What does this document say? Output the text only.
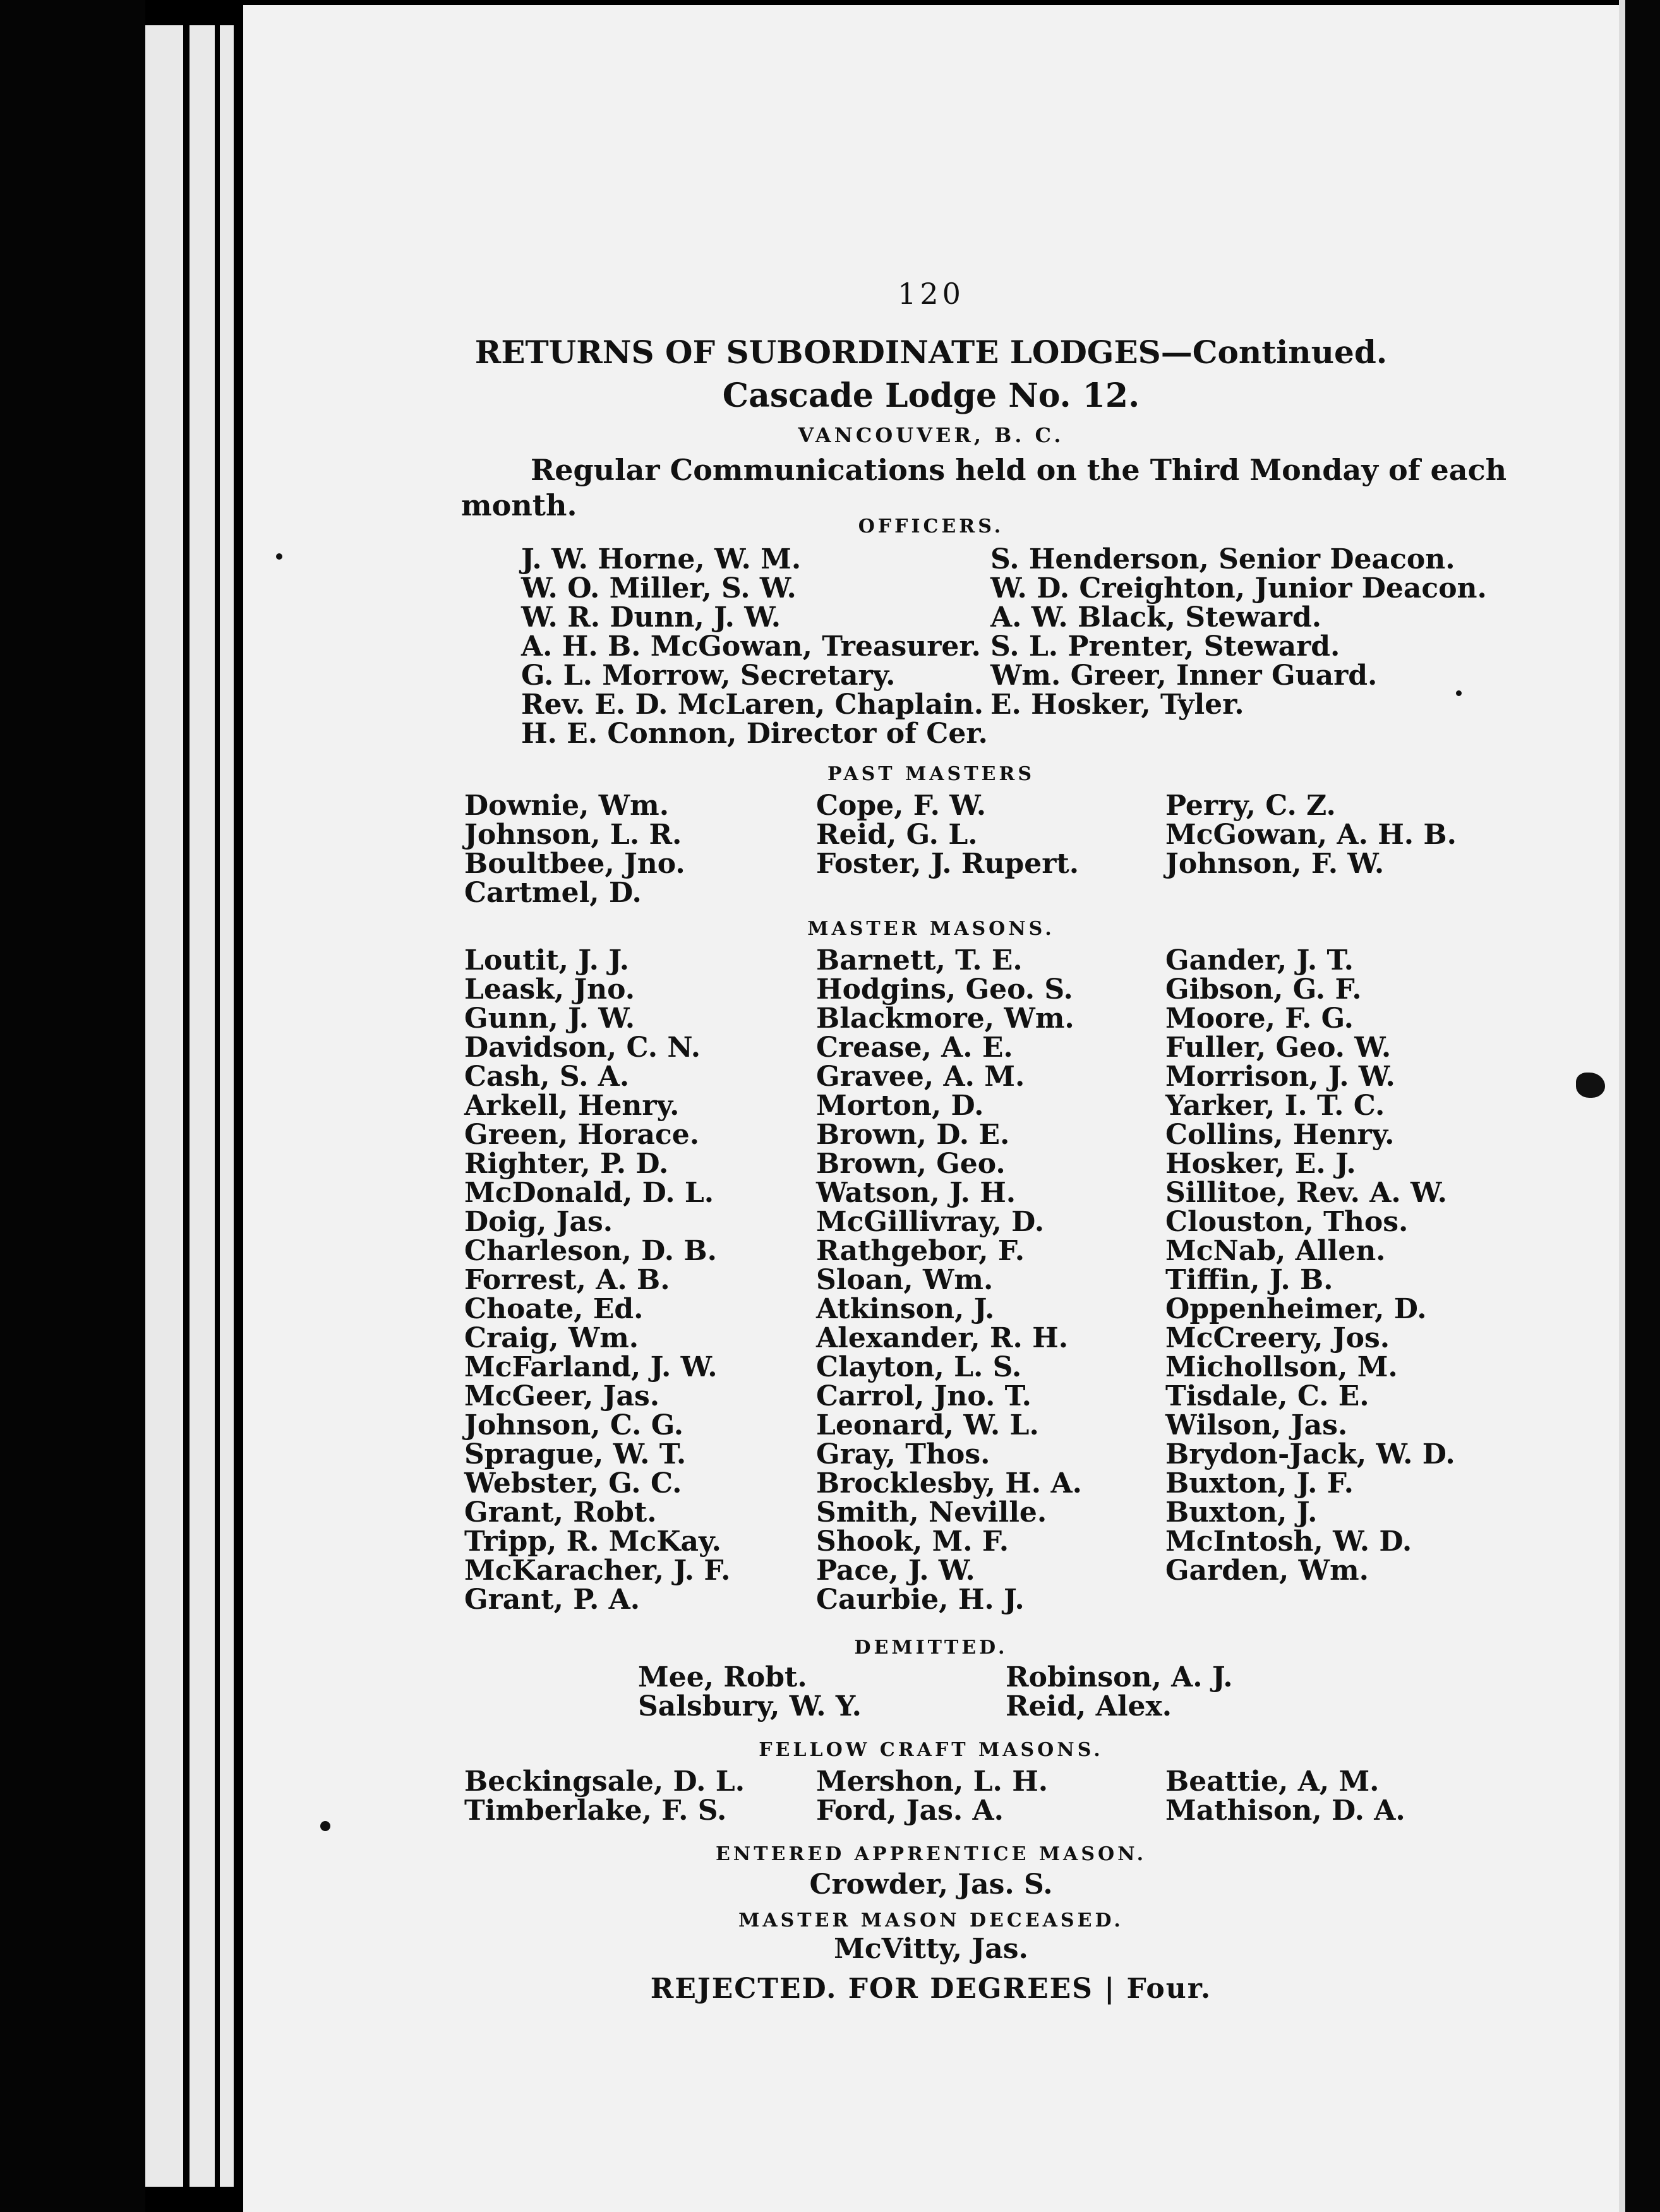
120
RETURNS OF SUBORDINATE LODGES—Continued.
Cascade Lodge No. 12.
VANCOUVER, B. C.
Regular Communications held on the Third Monday of each
month.
OFFICERS.
J. W. Horne, W. M.
W. O. Miller, S. W.
W. R. Dunn, J. W.
A. H. B. McGowan, Treasurer.
G. L. Morrow, Secretary.
Rev. E. D. McLaren, Chaplain.
H. E. Connon, Director of Cer.
S. Henderson, Senior Deacon.
W. D. Creighton, Junior Deacon.
A. W. Black, Steward.
S. L. Prenter, Steward.
Wm. Greer, Inner Guard.
E. Hosker, Tyler.
PAST MASTERS
Downie, Wm.
Johnson, L. R.
Boultbee, Jno.
Cartmel, D.
Cope, F. W.
Reid, G. L.
Foster, J. Rupert.
Perry, C. Z.
McGowan, A. H. B.
Johnson, F. W.
MASTER MASONS.
Loutit, J. J.
Leask, Jno.
Gunn, J. W.
Davidson, C. N.
Cash, S. A.
Arkell, Henry.
Green, Horace.
Righter, P. D.
McDonald, D. L.
Doig, Jas.
Charleson, D. B.
Forrest, A. B.
Choate, Ed.
Craig, Wm.
McFarland, J. W.
McGeer, Jas.
Johnson, C. G.
Sprague, W. T.
Webster, G. C.
Grant, Robt.
Tripp, R. McKay.
McKaracher, J. F.
Grant, P. A.
Barnett, T. E.
Hodgins, Geo. S.
Blackmore, Wm.
Crease, A. E.
Gravee, A. M.
Morton, D.
Brown, D. E.
Brown, Geo.
Watson, J. H.
McGillivray, D.
Rathgebor, F.
Sloan, Wm.
Atkinson, J.
Alexander, R. H.
Clayton, L. S.
Carrol, Jno. T.
Leonard, W. L.
Gray, Thos.
Brocklesby, H. A.
Smith, Neville.
Shook, M. F.
Pace, J. W.
Caurbie, H. J.
Gander, J. T.
Gibson, G. F.
Moore, F. G.
Fuller, Geo. W.
Morrison, J. W.
Yarker, I. T. C.
Collins, Henry.
Hosker, E. J.
Sillitoe, Rev. A. W.
Clouston, Thos.
McNab, Allen.
Tiffin, J. B.
Oppenheimer, D.
McCreery, Jos.
Michollson, M.
Tisdale, C. E.
Wilson, Jas.
Brydon-Jack, W. D.
Buxton, J. F.
Buxton, J.
McIntosh, W. D.
Garden, Wm.
DEMITTED.
Mee, Robt.
Salsbury, W. Y.
Robinson, A. J.
Reid, Alex.
FELLOW CRAFT MASONS.
Beckingsale, D. L.
Timberlake, F. S.
Mershon, L. H.
Ford, Jas. A.
Beattie, A, M.
Mathison, D. A.
ENTERED APPRENTICE MASON.
Crowder, Jas. S.
MASTER MASON DECEASED.
McVitty, Jas.
REJECTED. FOR DEGREES | Four.
